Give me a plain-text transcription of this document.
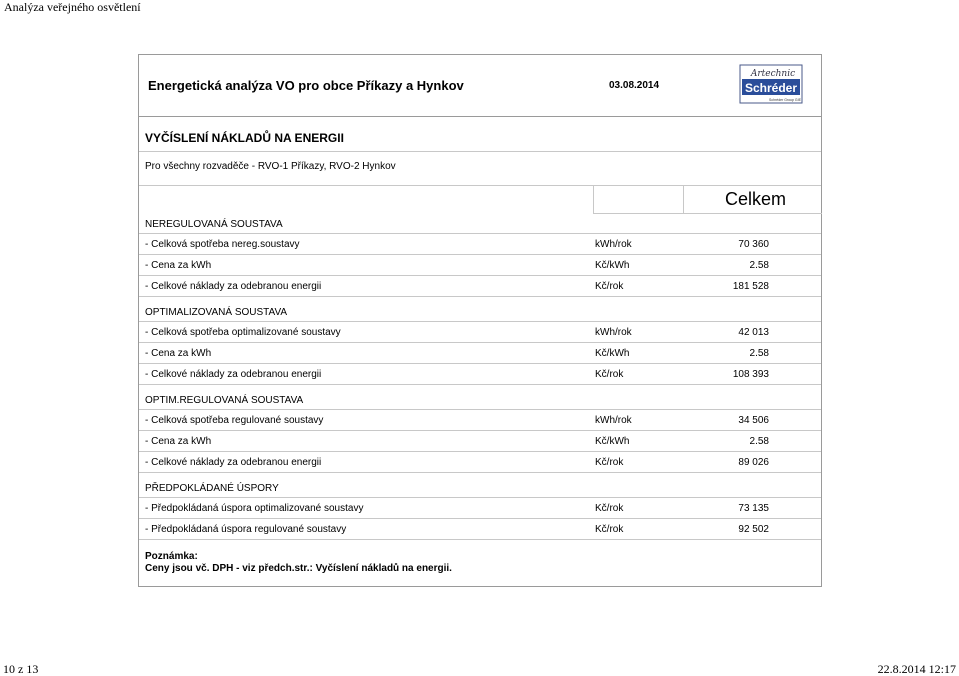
Analýza veřejného osvětlení
Energetická analýza VO pro obce Příkazy a Hynkov	03.08.2014
Artechnic
Schréder
Schréder Group GIE
VYČÍSLENÍ NÁKLADŮ NA ENERGII
Pro všechny rozvaděče - RVO-1 Příkazy, RVO-2 Hynkov
Celkem
NEREGULOVANÁ SOUSTAVA
- Celková spotřeba nereg.soustavy	kWh/rok	70 360
- Cena za kWh	Kč/kWh	2.58
- Celkové náklady za odebranou energii	Kč/rok	181 528
OPTIMALIZOVANÁ SOUSTAVA
- Celková spotřeba optimalizované soustavy	kWh/rok	42 013
- Cena za kWh	Kč/kWh	2.58
- Celkové náklady za odebranou energii	Kč/rok	108 393
OPTIM.REGULOVANÁ SOUSTAVA
- Celková spotřeba regulované soustavy	kWh/rok	34 506
- Cena za kWh	Kč/kWh	2.58
- Celkové náklady za odebranou energii	Kč/rok	89 026
PŘEDPOKLÁDANÉ ÚSPORY
- Předpokládaná úspora optimalizované soustavy	Kč/rok	73 135
- Předpokládaná úspora regulované soustavy	Kč/rok	92 502
Poznámka:
Ceny jsou vč. DPH - viz předch.str.: Vyčíslení nákladů na energii.
10 z 13	22.8.2014 12:17
